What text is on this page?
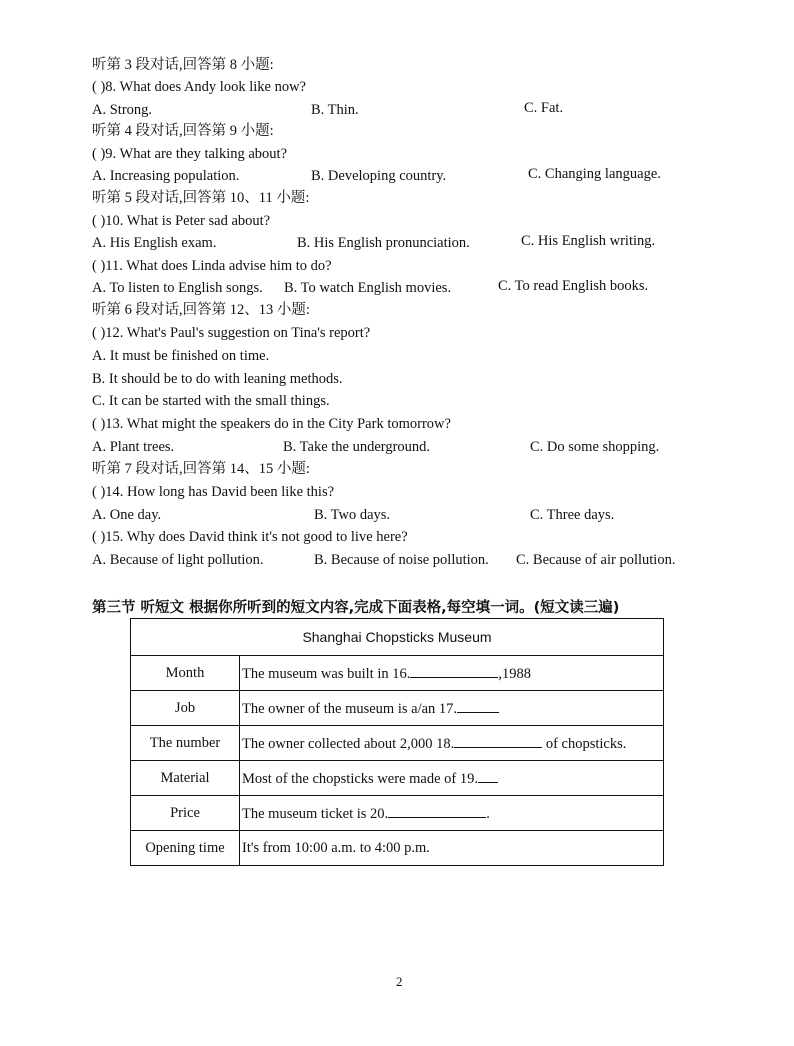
听第 3 段对话,回答第 8 小题:
( )8. What does Andy look like now?
A. Strong.	B. Thin.	C. Fat.
听第 4 段对话,回答第 9 小题:
( )9. What are they talking about?
A. Increasing population.	B. Developing country.	C. Changing language.
听第 5 段对话,回答第 10、11 小题:
( )10. What is Peter sad about?
A. His English exam.	B. His English pronunciation.	C. His English writing.
( )11. What does Linda advise him to do?
A. To listen to English songs. B. To watch English movies.	C. To read English books.
听第 6 段对话,回答第 12、13 小题:
( )12. What's Paul's suggestion on Tina's report?
A. It must be finished on time.
B. It should be to do with leaning methods.
C. It can be started with the small things.
( )13. What might the speakers do in the City Park tomorrow?
A. Plant trees.	B. Take the underground.	C. Do some shopping.
听第 7 段对话,回答第 14、15 小题:
( )14. How long has David been like this?
A. One day.	B. Two days.	C. Three days.
( )15. Why does David think it's not good to live here?
A. Because of light pollution.	B. Because of noise pollution. C. Because of air pollution.
第三节 听短文 根据你所听到的短文内容,完成下面表格,每空填一词。(短文读三遍)
Shanghai Chopsticks Museum	
Month	The museum was built in 16. ,1988
Job	The owner of the museum is a/an 17.
The number	The owner collected about 2,000 18. of chopsticks.
Material	Most of the chopsticks were made of 19.
Price	The museum ticket is 20. .
Opening time	It's from 10:00 a.m. to 4:00 p.m.
2
